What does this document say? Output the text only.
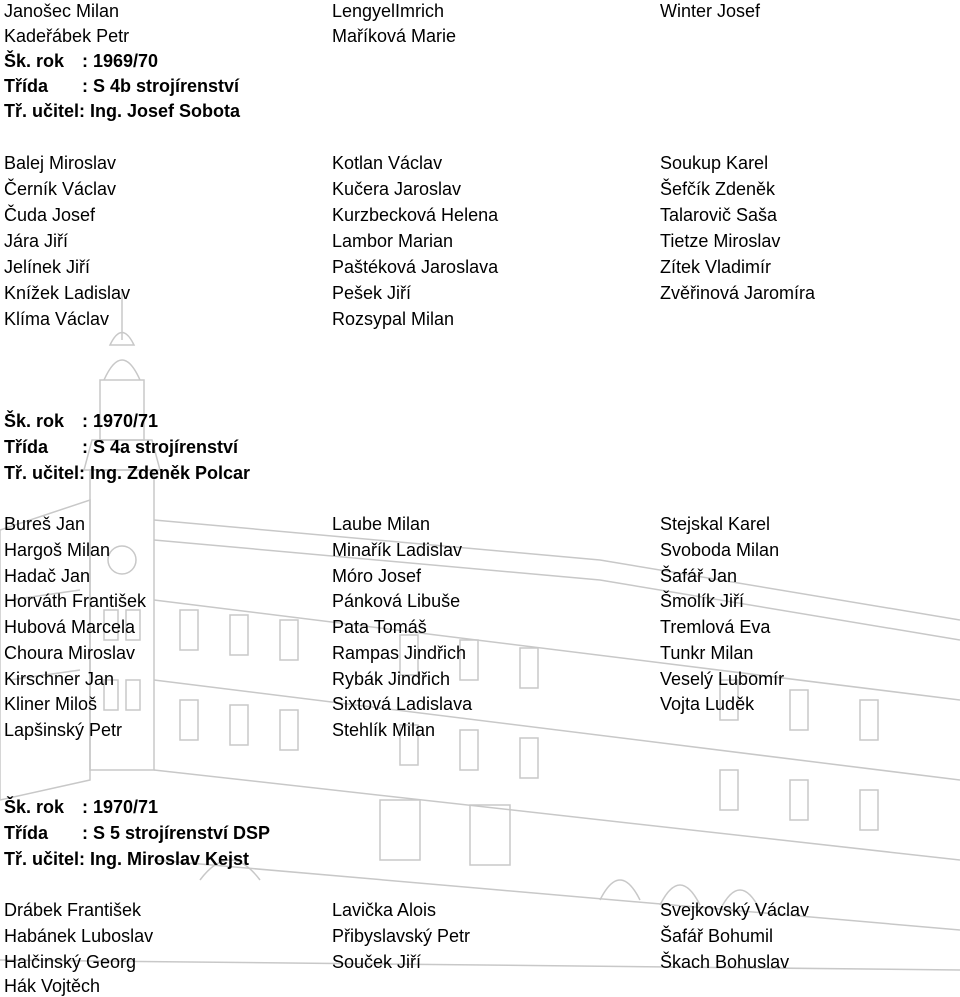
Janošec Milan
Kadeřábek Petr
LengyelImrich
Maříková Marie
Winter Josef
Šk. rok : 1969/70
Třída : S 4b strojírenství
Tř. učitel: Ing. Josef Sobota
Balej Miroslav
Černík Václav
Čuda Josef
Jára Jiří
Jelínek Jiří
Knížek Ladislav
Klíma Václav
Kotlan Václav
Kučera Jaroslav
Kurzbecková Helena
Lambor Marian
Paštéková Jaroslava
Pešek Jiří
Rozsypal Milan
Soukup Karel
Šefčík Zdeněk
Talarovič Saša
Tietze Miroslav
Zítek Vladimír
Zvěřinová Jaromíra
Šk. rok : 1970/71
Třída : S 4a strojírenství
Tř. učitel: Ing. Zdeněk Polcar
Bureš Jan
Hargoš Milan
Hadač Jan
Horváth František
Hubová Marcela
Choura Miroslav
Kirschner Jan
Kliner Miloš
Lapšinský Petr
Laube Milan
Minařík Ladislav
Móro Josef
Pánková Libuše
Pata Tomáš
Rampas Jindřich
Rybák Jindřich
Sixtová Ladislava
Stehlík Milan
Stejskal Karel
Svoboda Milan
Šafář Jan
Šmolík Jiří
Tremlová Eva
Tunkr Milan
Veselý Lubomír
Vojta Luděk
Šk. rok : 1970/71
Třída : S 5 strojírenství DSP
Tř. učitel: Ing. Miroslav Kejst
Drábek František
Habánek Luboslav
Halčinský Georg
Hák Vojtěch
Lavička Alois
Přibyslavský Petr
Souček Jiří
Svejkovský Václav
Šafář Bohumil
Škach Bohuslav
